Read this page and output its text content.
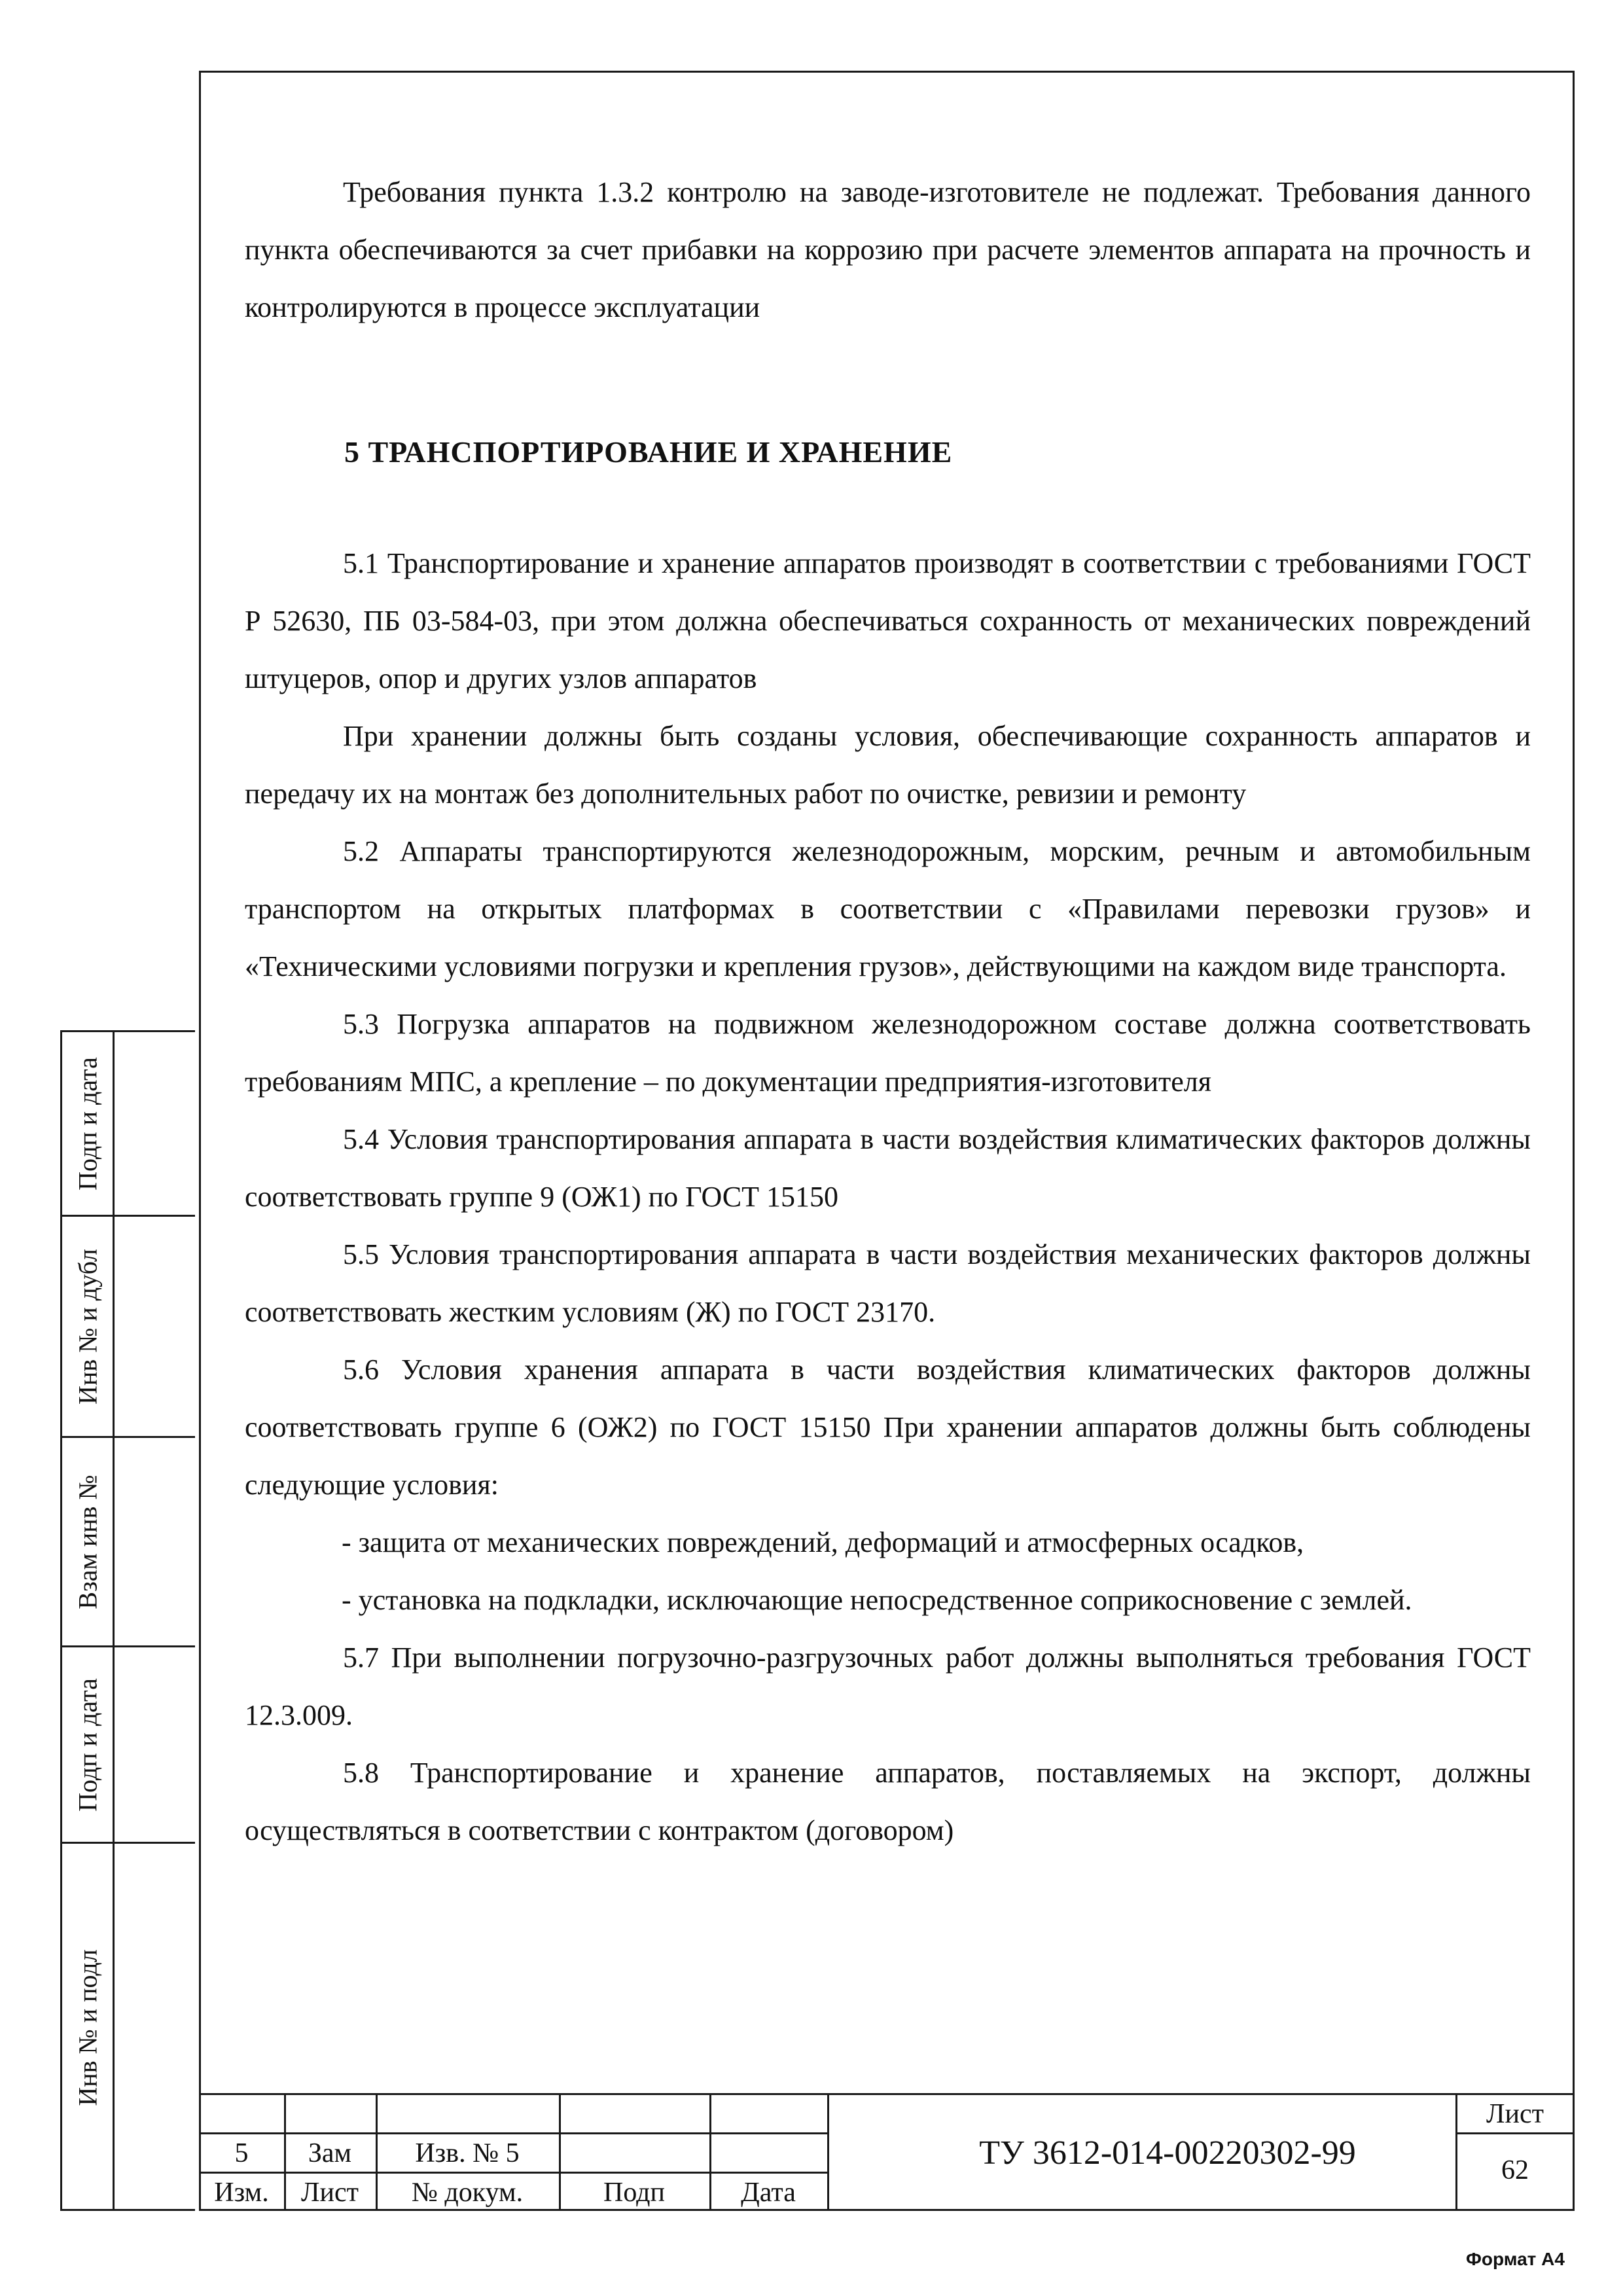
Подп и дата
Инв № и дубл
Взам инв №
Подп и дата
Инв № и подл

Требования пункта 1.3.2 контролю на заводе-изготовителе не подлежат. Требования данного пункта обеспечиваются за счет прибавки на коррозию при расчете элементов аппарата на прочность и контролируются в процессе эксплуатации

5 ТРАНСПОРТИРОВАНИЕ И ХРАНЕНИЕ

5.1 Транспортирование и хранение аппаратов производят в соответствии с требованиями ГОСТ Р 52630, ПБ 03-584-03, при этом должна обеспечиваться сохранность от механических повреждений штуцеров, опор и других узлов аппаратов

При хранении должны быть созданы условия, обеспечивающие сохранность аппаратов и передачу их на монтаж без дополнительных работ по очистке, ревизии и ремонту

5.2 Аппараты транспортируются железнодорожным, морским, речным и автомобильным транспортом на открытых платформах в соответствии с «Правилами перевозки грузов» и «Техническими условиями погрузки и крепления грузов», действующими на каждом виде транспорта.

5.3 Погрузка аппаратов на подвижном железнодорожном составе должна соответствовать требованиям МПС, а крепление – по документации предприятия-изготовителя

5.4 Условия транспортирования аппарата в части воздействия климатических факторов должны соответствовать группе 9 (ОЖ1) по ГОСТ 15150

5.5 Условия транспортирования аппарата в части воздействия механических факторов должны соответствовать жестким условиям (Ж) по ГОСТ 23170.

5.6 Условия хранения аппарата в части воздействия климатических факторов должны соответствовать группе 6 (ОЖ2) по ГОСТ 15150 При хранении аппаратов должны быть соблюдены следующие условия:

- защита от механических повреждений, деформаций и атмосферных осадков,

- установка на подкладки, исключающие непосредственное соприкосновение с землей.

5.7 При выполнении погрузочно-разгрузочных работ должны выполняться требования ГОСТ 12.3.009.

5.8 Транспортирование и хранение аппаратов, поставляемых на экспорт, должны осуществляться в соответствии с контрактом (договором)

5	Зам	Изв. № 5
Изм.	Лист	№ докум.	Подп	Дата
ТУ 3612-014-00220302-99
Лист
62
Формат А4
